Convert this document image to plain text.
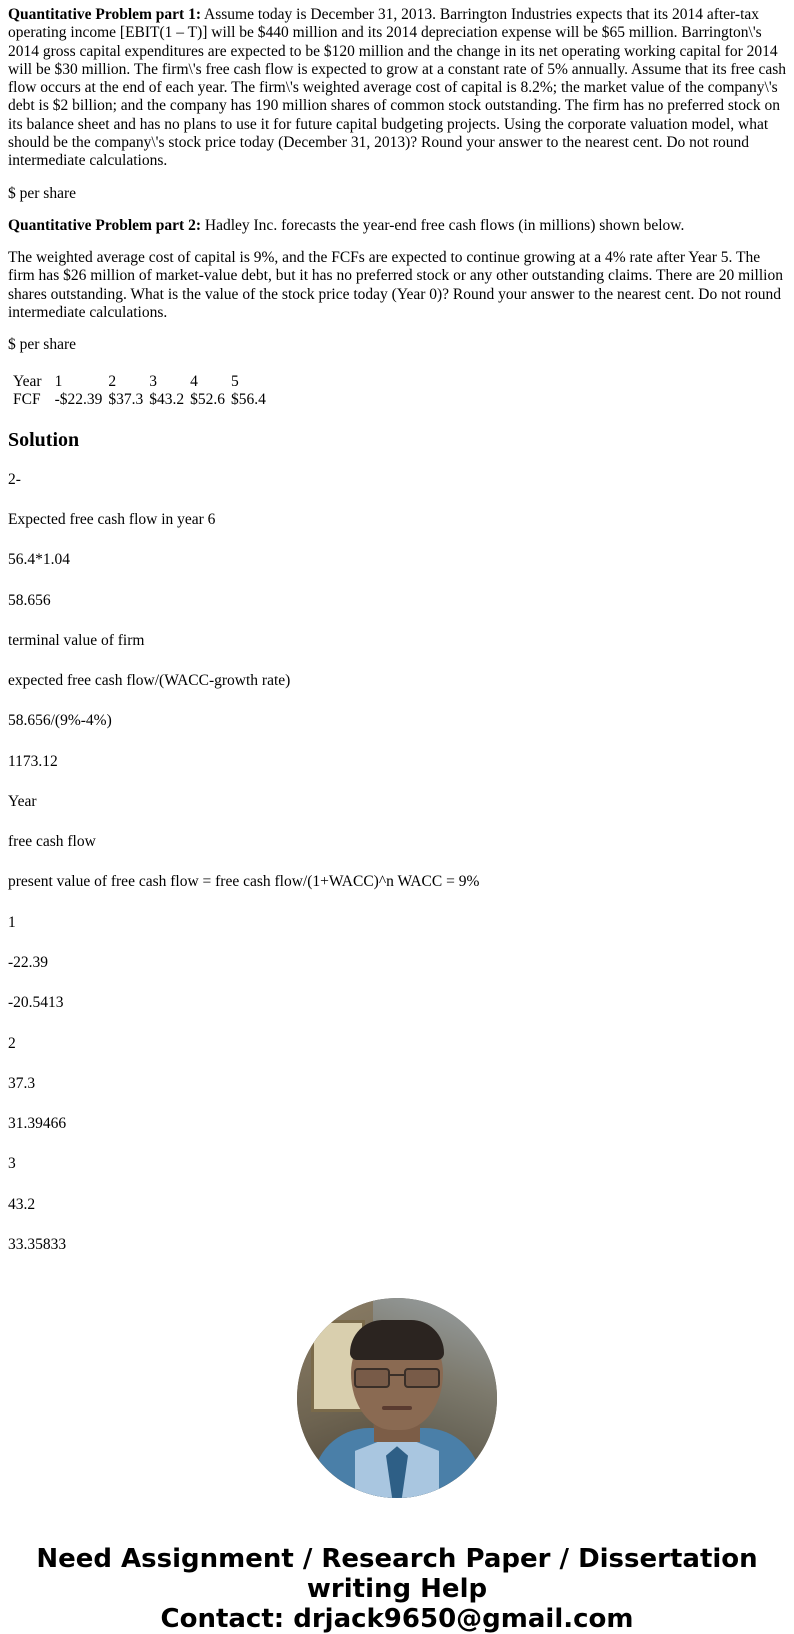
Quantitative Problem part 1: Assume today is December 31, 2013. Barrington Industries expects that its 2014 after-tax operating income [EBIT(1 – T)] will be $440 million and its 2014 depreciation expense will be $65 million. Barrington\'s 2014 gross capital expenditures are expected to be $120 million and the change in its net operating working capital for 2014 will be $30 million. The firm\'s free cash flow is expected to grow at a constant rate of 5% annually. Assume that its free cash flow occurs at the end of each year. The firm\'s weighted average cost of capital is 8.2%; the market value of the company\'s debt is $2 billion; and the company has 190 million shares of common stock outstanding. The firm has no preferred stock on its balance sheet and has no plans to use it for future capital budgeting projects. Using the corporate valuation model, what should be the company\'s stock price today (December 31, 2013)? Round your answer to the nearest cent. Do not round intermediate calculations.

$ per share

Quantitative Problem part 2: Hadley Inc. forecasts the year-end free cash flows (in millions) shown below.

The weighted average cost of capital is 9%, and the FCFs are expected to continue growing at a 4% rate after Year 5. The firm has $26 million of market-value debt, but it has no preferred stock or any other outstanding claims. There are 20 million shares outstanding. What is the value of the stock price today (Year 0)? Round your answer to the nearest cent. Do not round intermediate calculations.

$ per share

Year	1	2	3	4	5
FCF	-$22.39	$37.3	$43.2	$52.6	$56.4
Solution

2-

Expected free cash flow in year 6

56.4*1.04

58.656

terminal value of firm

expected free cash flow/(WACC-growth rate)

58.656/(9%-4%)

1173.12

Year

free cash flow

present value of free cash flow = free cash flow/(1+WACC)^n WACC = 9%

1

-22.39

-20.5413

2

37.3

31.39466

3

43.2

33.35833

Need Assignment / Research Paper / Dissertation writing Help
Contact: drjack9650@gmail.com
